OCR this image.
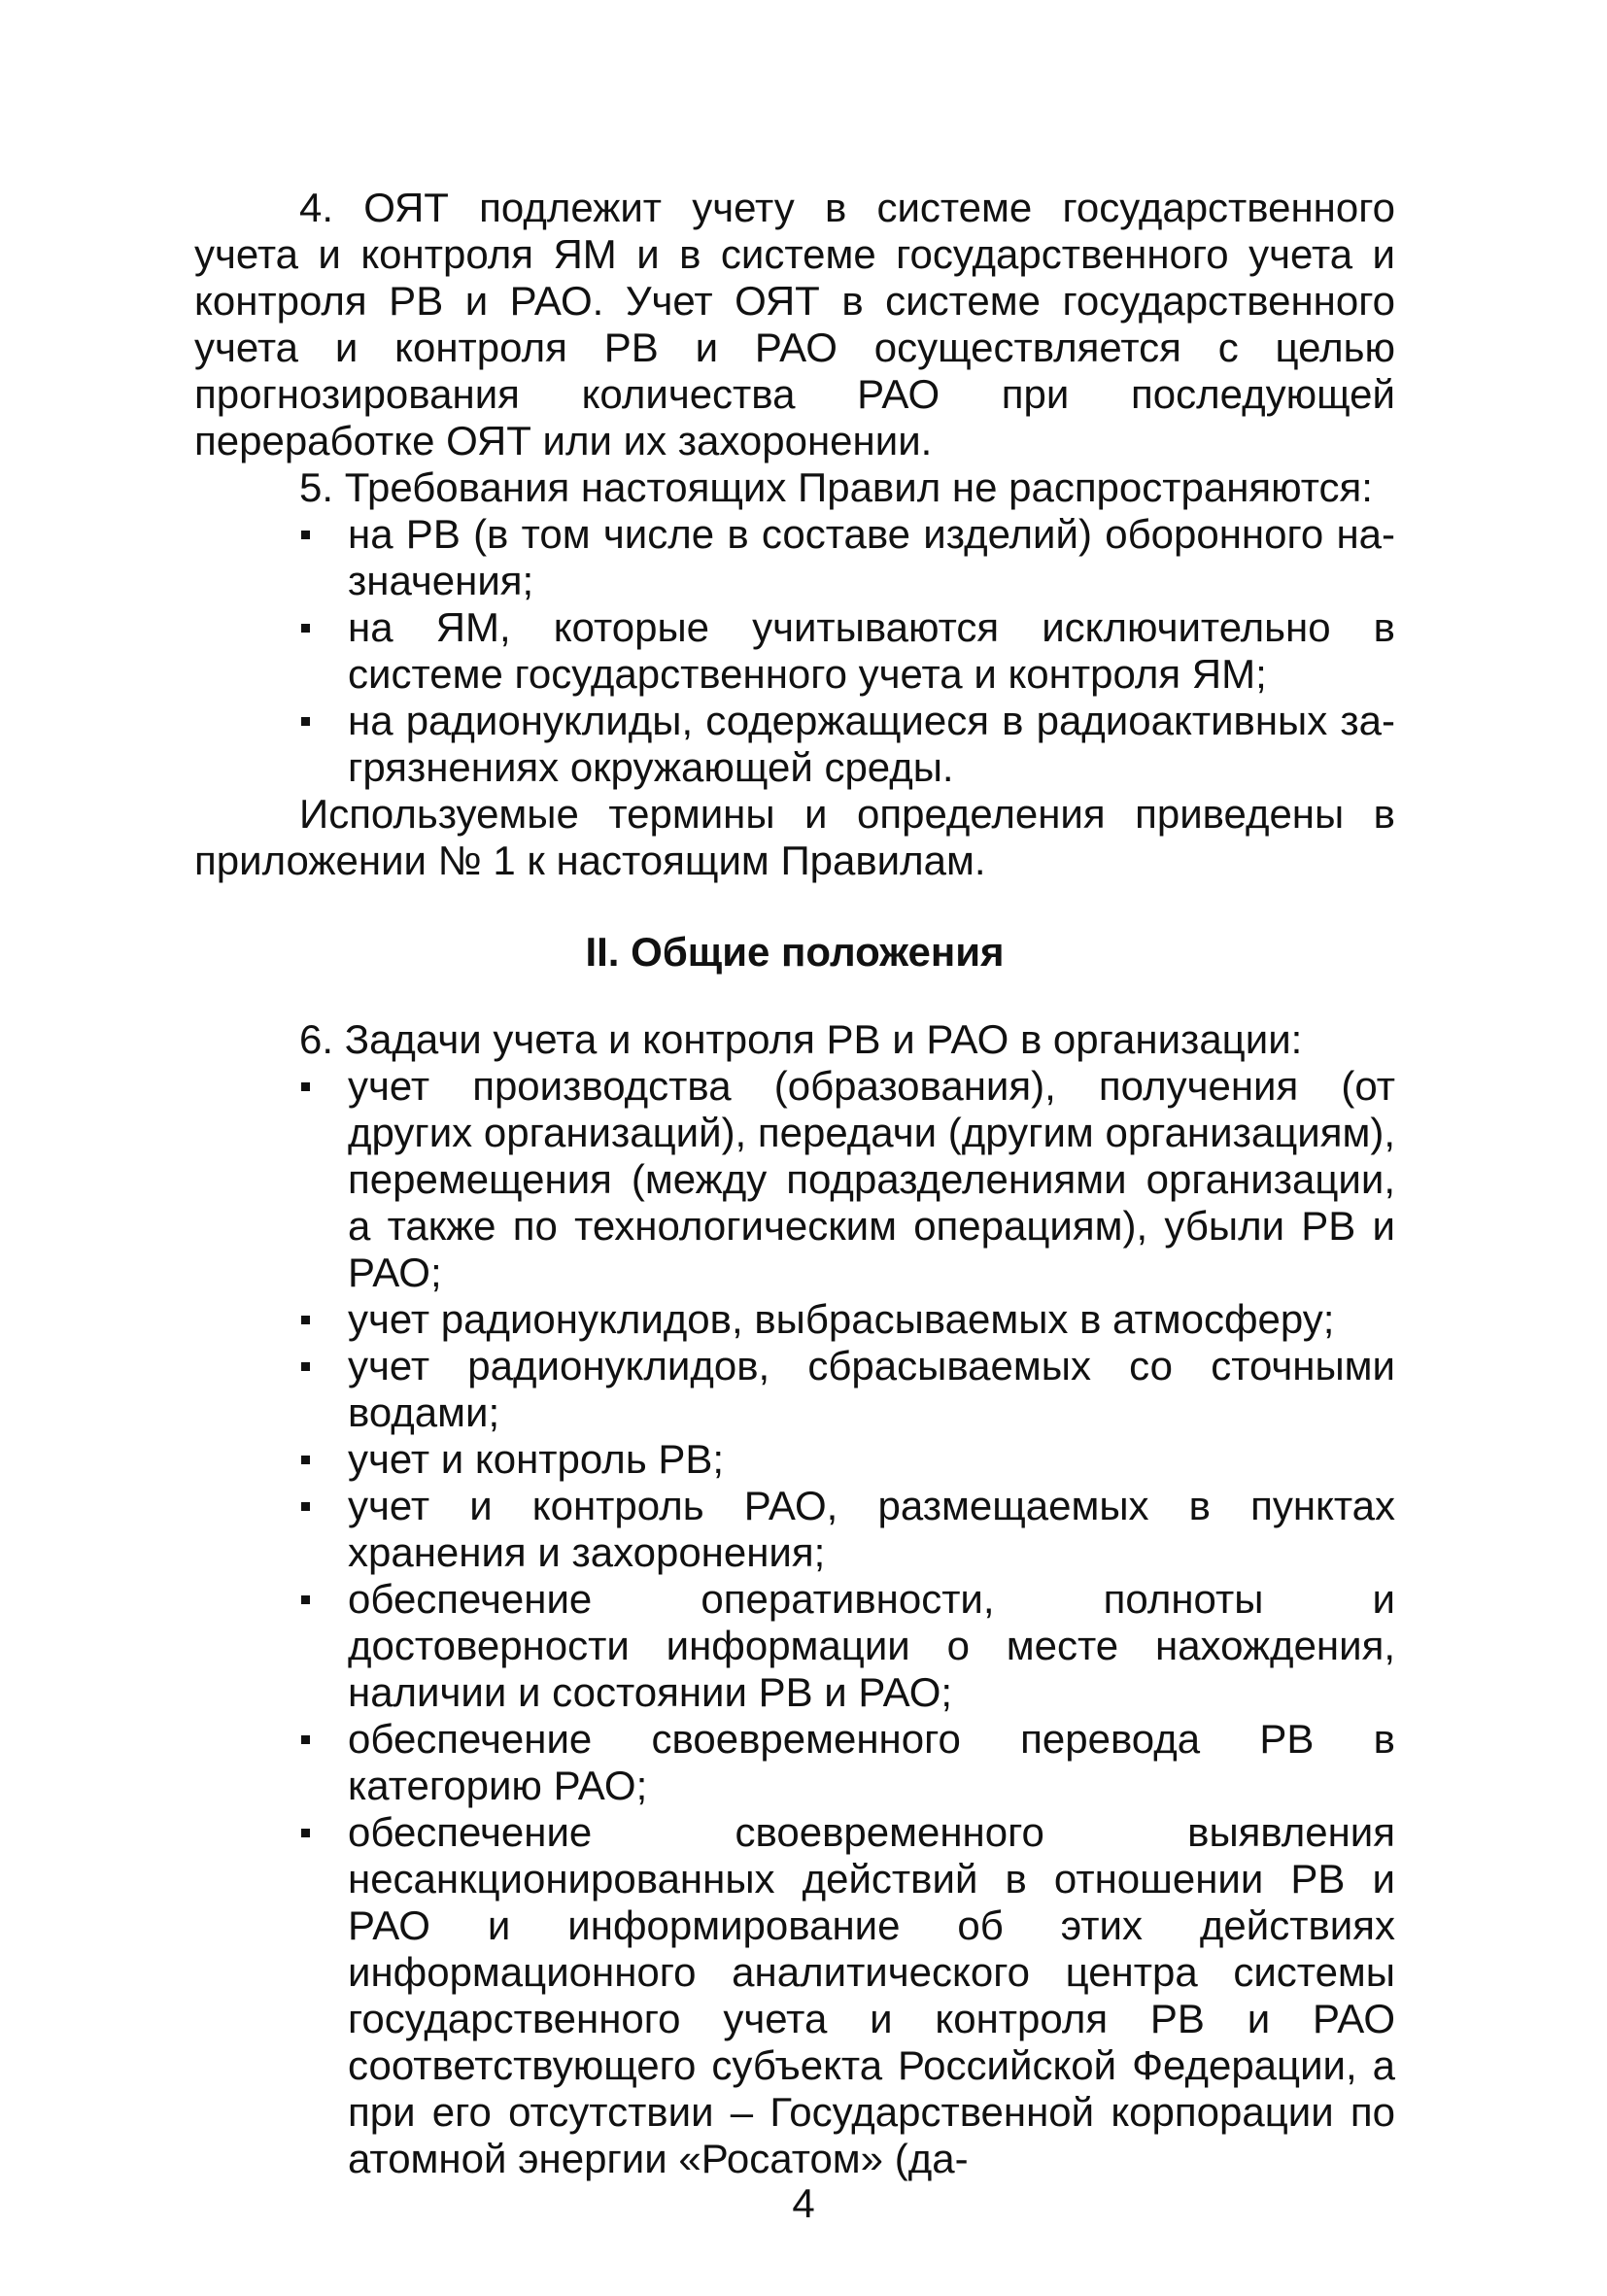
4. ОЯТ подлежит учету в системе государственного учета и контроля ЯМ и в системе государственного учета и контроля РВ и РАО. Учет ОЯТ в системе государственного учета и контроля РВ и РАО осуществляется с целью прогнозирования количества РАО при последующей переработке ОЯТ или их захоронении.

5. Требования настоящих Правил не распространяются:

на РВ (в том числе в составе изделий) оборонного назначения;
на ЯМ, которые учитываются исключительно в системе государственного учета и контроля ЯМ;
на радионуклиды, содержащиеся в радиоактивных загрязнениях окружающей среды.

Используемые термины и определения приведены в приложении № 1 к настоящим Правилам.

II. Общие положения

6. Задачи учета и контроля РВ и РАО в организации:

учет производства (образования), получения (от других организаций), передачи (другим организациям), перемещения (между подразделениями организации, а также по технологическим операциям), убыли РВ и РАО;
учет радионуклидов, выбрасываемых в атмосферу;
учет радионуклидов, сбрасываемых со сточными водами;
учет и контроль РВ;
учет и контроль РАО, размещаемых в пунктах хранения и захоронения;
обеспечение оперативности, полноты и достоверности информации о месте нахождения, наличии и состоянии РВ и РАО;
обеспечение своевременного перевода РВ в категорию РАО;
обеспечение своевременного выявления несанкционированных действий в отношении РВ и РАО и информирование об этих действиях информационного аналитического центра системы государственного учета и контроля РВ и РАО соответствующего субъекта Российской Федерации, а при его отсутствии – Государственной корпорации по атомной энергии «Росатом» (да-
4
